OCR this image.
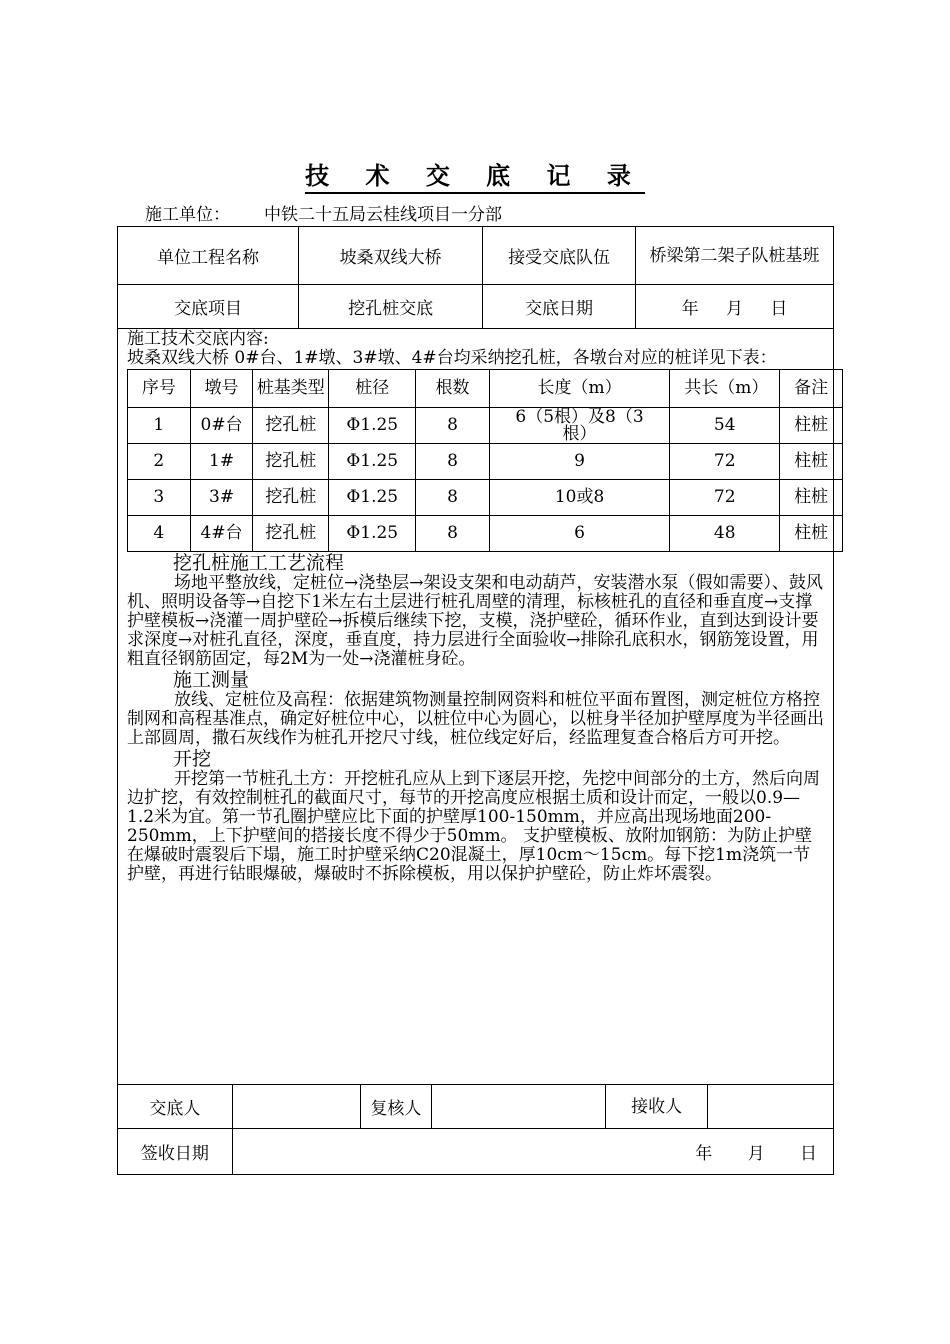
技 术 交 底 记 录
施工单位： 中铁二十五局云桂线项目一分部
单位工程名称	坡桑双线大桥	接受交底队伍	桥梁第二架子队桩基班
交底项目	挖孔桩交底	交底日期	年 月 日

施工技术交底内容:

坡桑双线大桥 0#台、1#墩、3#墩、4#台均采纳挖孔桩，各墩台对应的桩详见下表：

序号	墩号	桩基类型	桩径	根数	长度（m）	共长（m）	备注
1	0#台	挖孔桩	Φ1.25	8	6（5根）及8（3根）	54	柱桩
2	1#	挖孔桩	Φ1.25	8	9	72	柱桩
3	3#	挖孔桩	Φ1.25	8	10或8	72	柱桩
4	4#台	挖孔桩	Φ1.25	8	6	48	柱桩

挖孔桩施工工艺流程

场地平整放线，定桩位→浇垫层→架设支架和电动葫芦，安装潜水泵（假如需要）、鼓风机、照明设备等→自挖下1米左右土层进行桩孔周壁的清理，标核桩孔的直径和垂直度→支撑护壁模板→浇灌一周护壁砼→拆模后继续下挖，支模，浇护壁砼，循环作业，直到达到设计要求深度→对桩孔直径，深度，垂直度，持力层进行全面验收→排除孔底积水，钢筋笼设置，用粗直径钢筋固定，每2M为一处→浇灌桩身砼。

施工测量

放线、定桩位及高程：依据建筑物测量控制网资料和桩位平面布置图，测定桩位方格控制网和高程基准点，确定好桩位中心，以桩位中心为圆心，以桩身半径加护壁厚度为半径画出上部圆周，撒石灰线作为桩孔开挖尺寸线，桩位线定好后，经监理复查合格后方可开挖。

开挖

开挖第一节桩孔土方：开挖桩孔应从上到下逐层开挖，先挖中间部分的土方，然后向周边扩挖，有效控制桩孔的截面尺寸，每节的开挖高度应根据土质和设计而定，一般以0.9—1.2米为宜。第一节孔圈护壁应比下面的护壁厚100-150mm，并应高出现场地面200-250mm，上下护壁间的搭接长度不得少于50mm。 支护壁模板、放附加钢筋：为防止护壁在爆破时震裂后下塌，施工时护壁采纳C20混凝土，厚10cm～15cm。每下挖1m浇筑一节护壁，再进行钻眼爆破，爆破时不拆除模板，用以保护护壁砼，防止炸坏震裂。

交底人		复核人		接收人	
签收日期	年 月 日				
